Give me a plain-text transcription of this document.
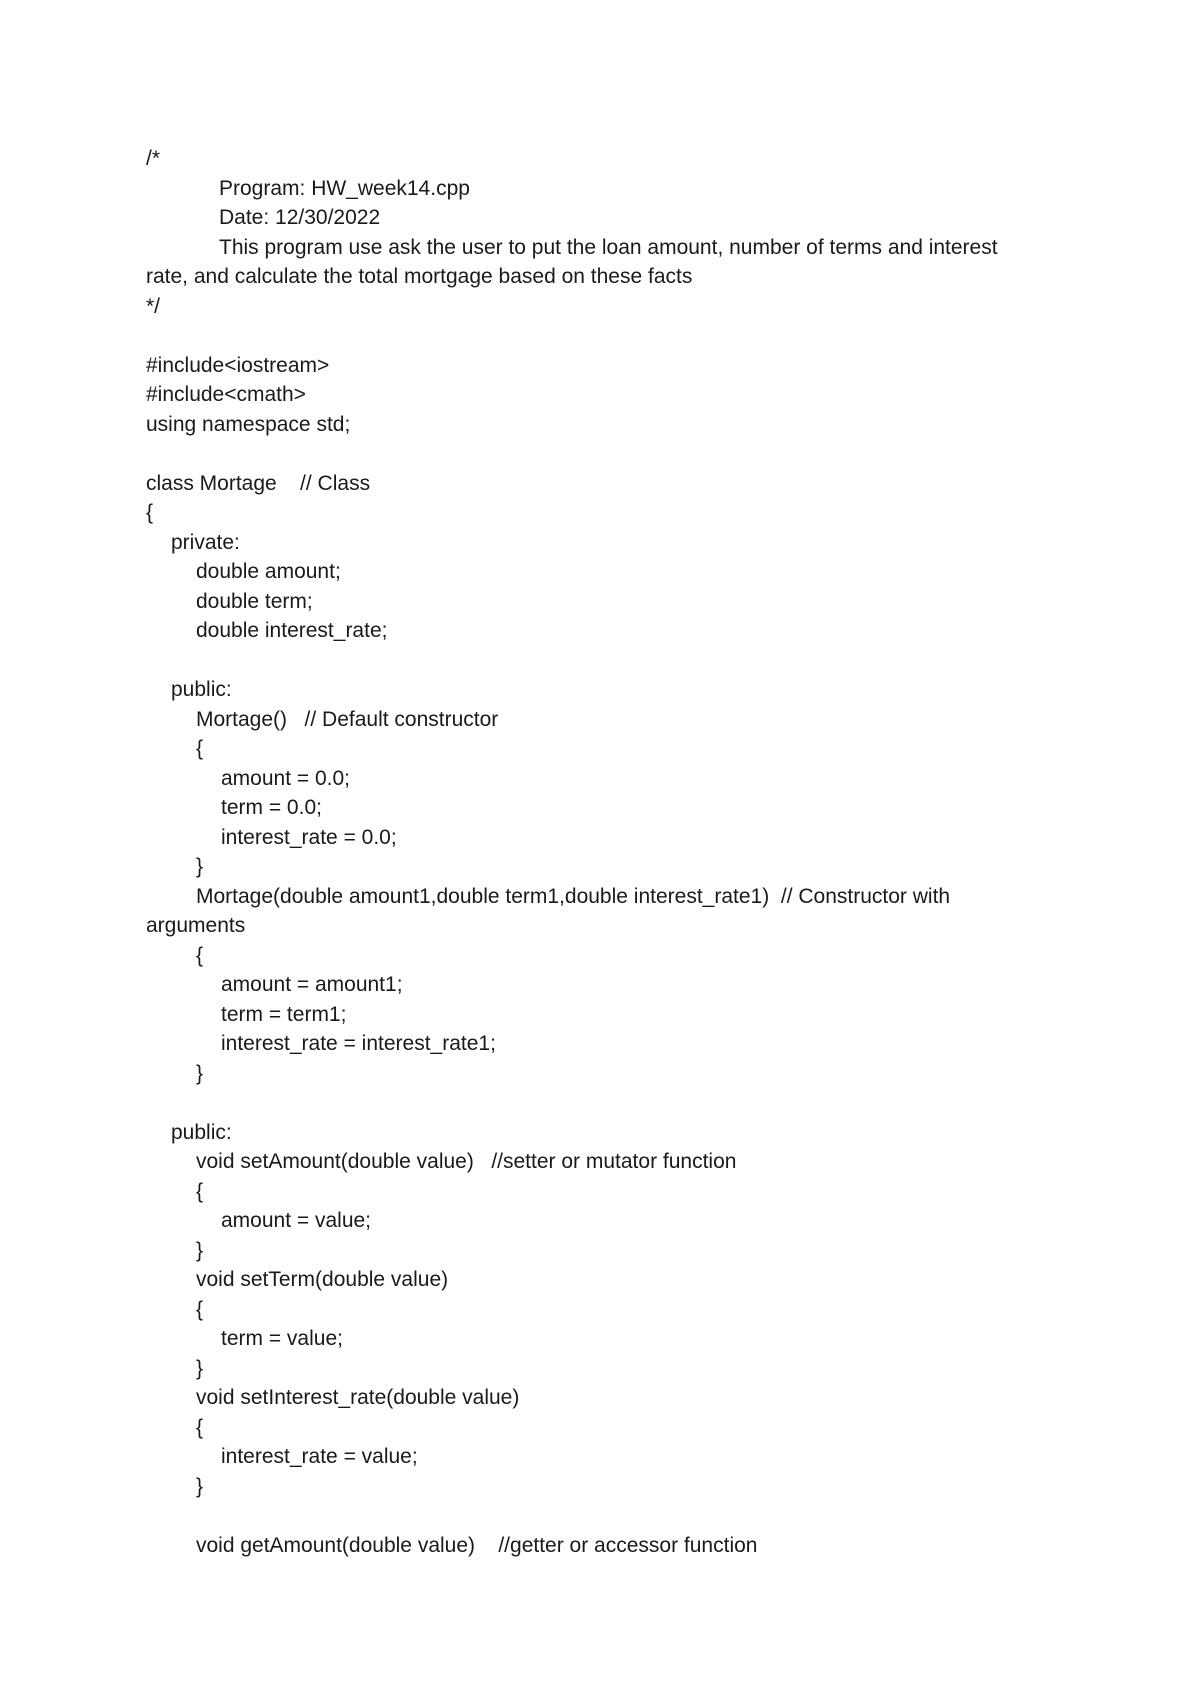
/*
Program: HW_week14.cpp
Date: 12/30/2022
This program use ask the user to put the loan amount, number of terms and interest
rate, and calculate the total mortgage based on these facts
*/
#include<iostream>
#include<cmath>
using namespace std;
class Mortage    // Class
{
private:
double amount;
double term;
double interest_rate;
public:
Mortage()   // Default constructor
{
amount = 0.0;
term = 0.0;
interest_rate = 0.0;
}
Mortage(double amount1,double term1,double interest_rate1)  // Constructor with
arguments
{
amount = amount1;
term = term1;
interest_rate = interest_rate1;
}
public:
void setAmount(double value)   //setter or mutator function
{
amount = value;
}
void setTerm(double value)
{
term = value;
}
void setInterest_rate(double value)
{
interest_rate = value;
}
void getAmount(double value)    //getter or accessor function
